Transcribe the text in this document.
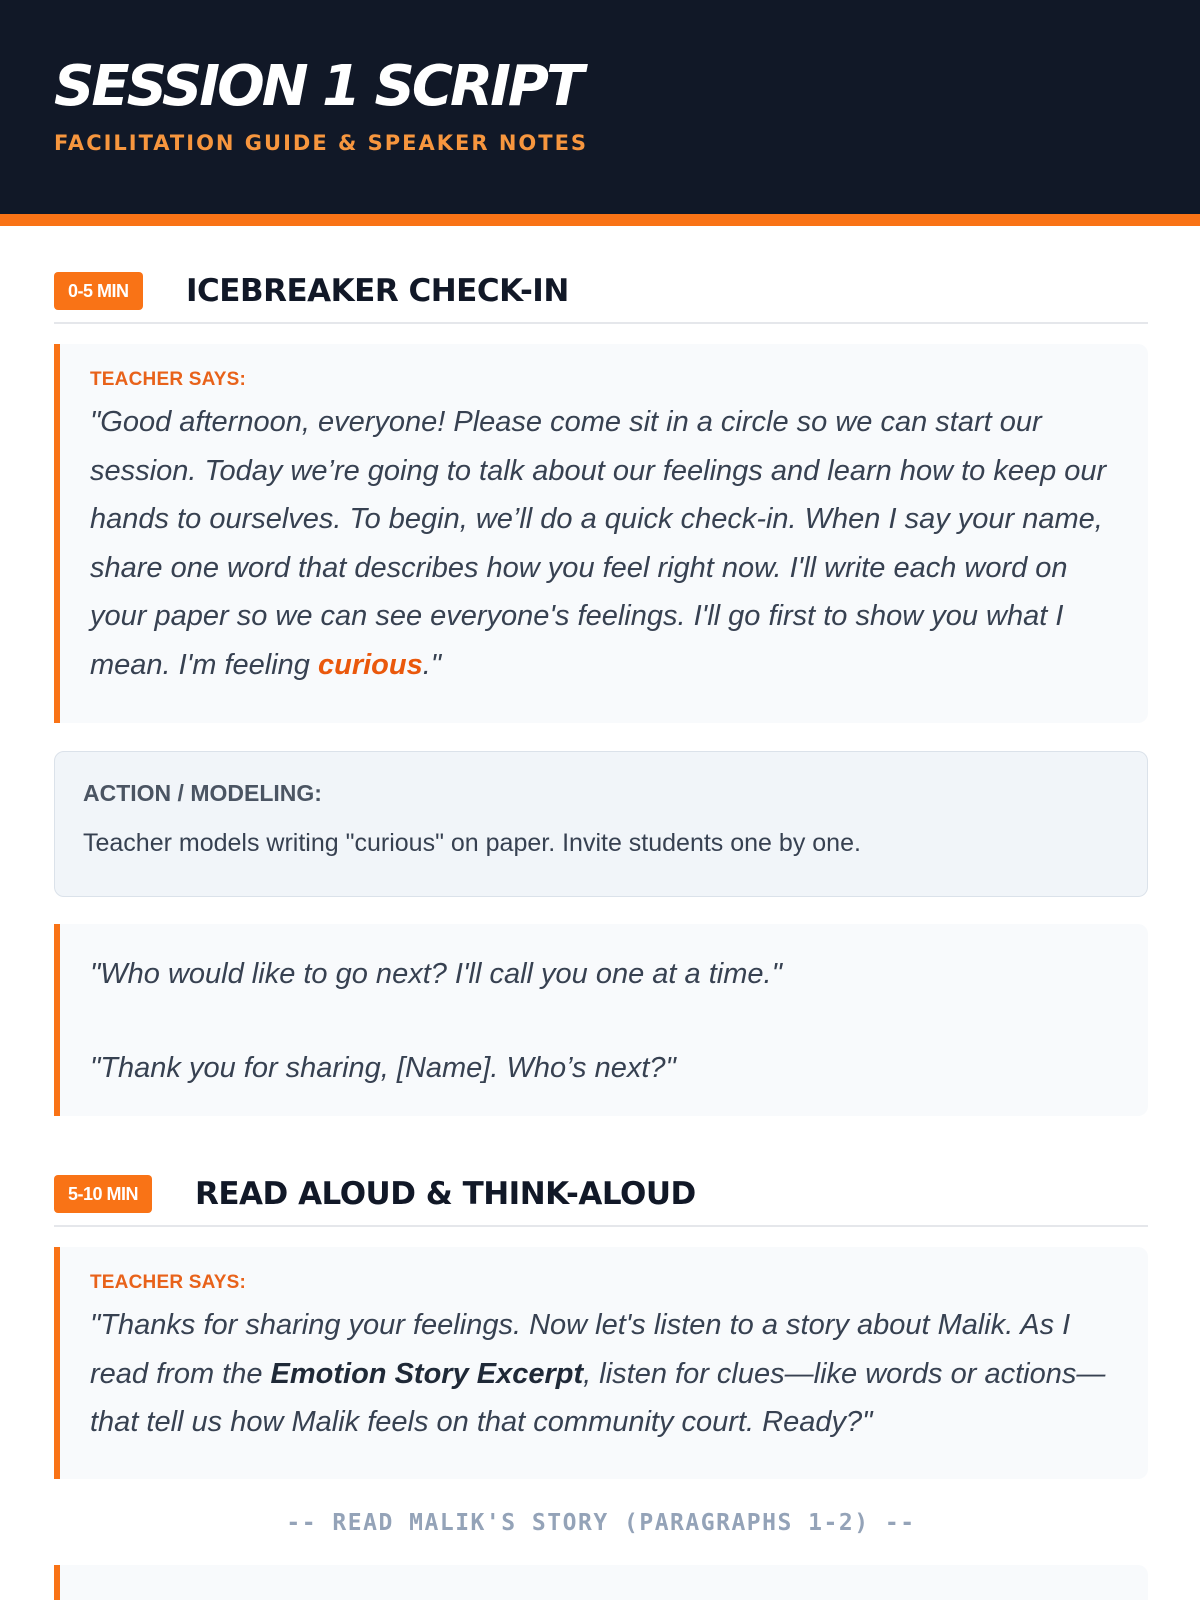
SESSION 1 SCRIPT
FACILITATION GUIDE & SPEAKER NOTES
0-5 MIN	ICEBREAKER CHECK-IN
TEACHER SAYS:
"Good afternoon, everyone! Please come sit in a circle so we can start our session. Today we’re going to talk about our feelings and learn how to keep our hands to ourselves. To begin, we’ll do a quick check-in. When I say your name, share one word that describes how you feel right now. I'll write each word on your paper so we can see everyone's feelings. I'll go first to show you what I mean. I'm feeling curious."
ACTION / MODELING:
Teacher models writing "curious" on paper. Invite students one by one.

"Who would like to go next? I'll call you one at a time."

"Thank you for sharing, [Name]. Who’s next?"

5-10 MIN	READ ALOUD & THINK-ALOUD
TEACHER SAYS:
"Thanks for sharing your feelings. Now let's listen to a story about Malik. As I read from the Emotion Story Excerpt, listen for clues—like words or actions—that tell us how Malik feels on that community court. Ready?"
-- READ MALIK'S STORY (PARAGRAPHS 1-2) --
